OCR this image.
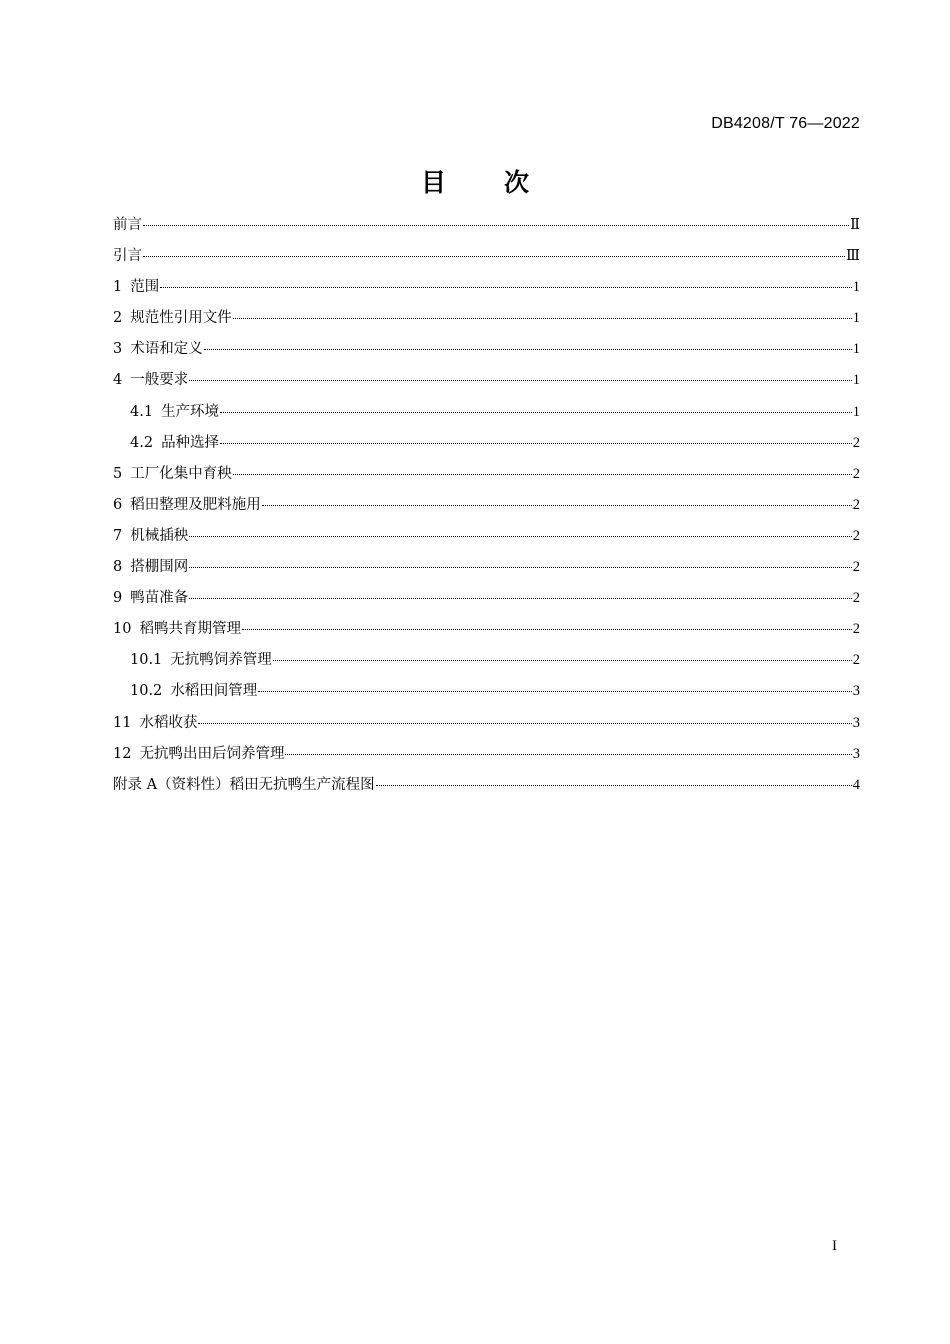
DB4208/T 76—2022
目次
前言	Ⅱ
引言	Ⅲ
1 范围	1
2 规范性引用文件	1
3 术语和定义	1
4 一般要求	1
4.1 生产环境	1
4.2 品种选择	2
5 工厂化集中育秧	2
6 稻田整理及肥料施用	2
7 机械插秧	2
8 搭棚围网	2
9 鸭苗准备	2
10 稻鸭共育期管理	2
10.1 无抗鸭饲养管理	2
10.2 水稻田间管理	3
11 水稻收获	3
12 无抗鸭出田后饲养管理	3
附录 A（资料性）稻田无抗鸭生产流程图	4
I
